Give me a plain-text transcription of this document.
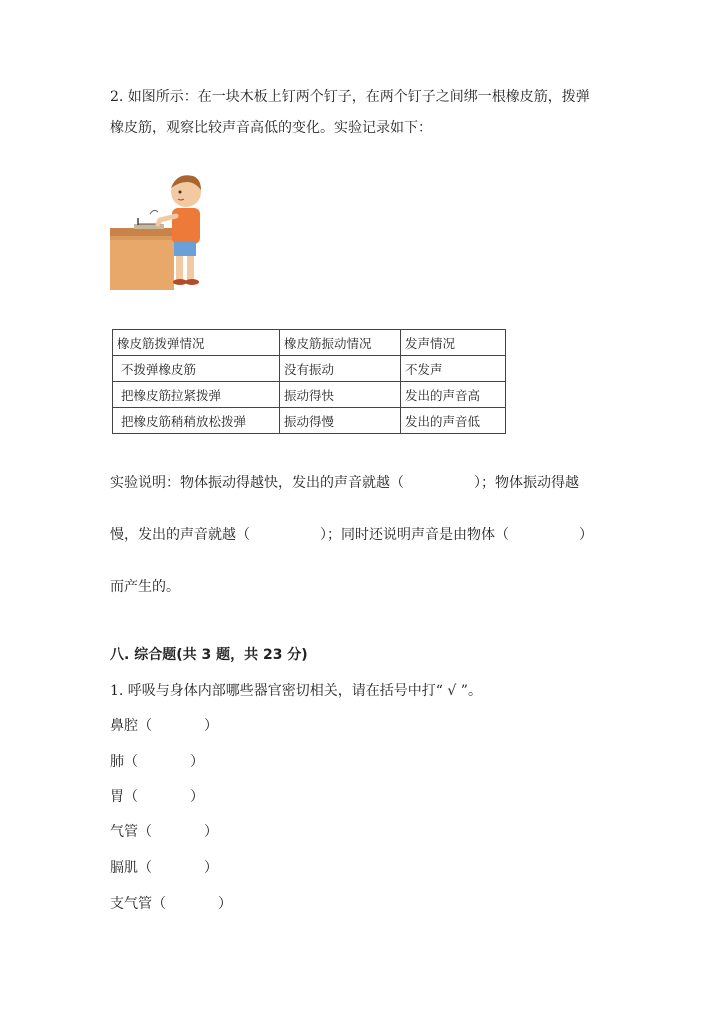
2. 如图所示：在一块木板上钉两个钉子，在两个钉子之间绑一根橡皮筋，拨弹
橡皮筋，观察比较声音高低的变化。实验记录如下：
橡皮筋拨弹情况	橡皮筋振动情况	发声情况
不拨弹橡皮筋	没有振动	不发声
把橡皮筋拉紧拨弹	振动得快	发出的声音高
把橡皮筋稍稍放松拨弹	振动得慢	发出的声音低
实验说明：物体振动得越快，发出的声音就越（	）；物体振动得越
慢，发出的声音就越（	）；同时还说明声音是由物体（	）
而产生的。
八. 综合题(共 3 题，共 23 分)
1. 呼吸与身体内部哪些器官密切相关，请在括号中打“ √ ”。
鼻腔（	）
肺（	）
胃（	）
气管（	）
膈肌（	）
支气管（	）
